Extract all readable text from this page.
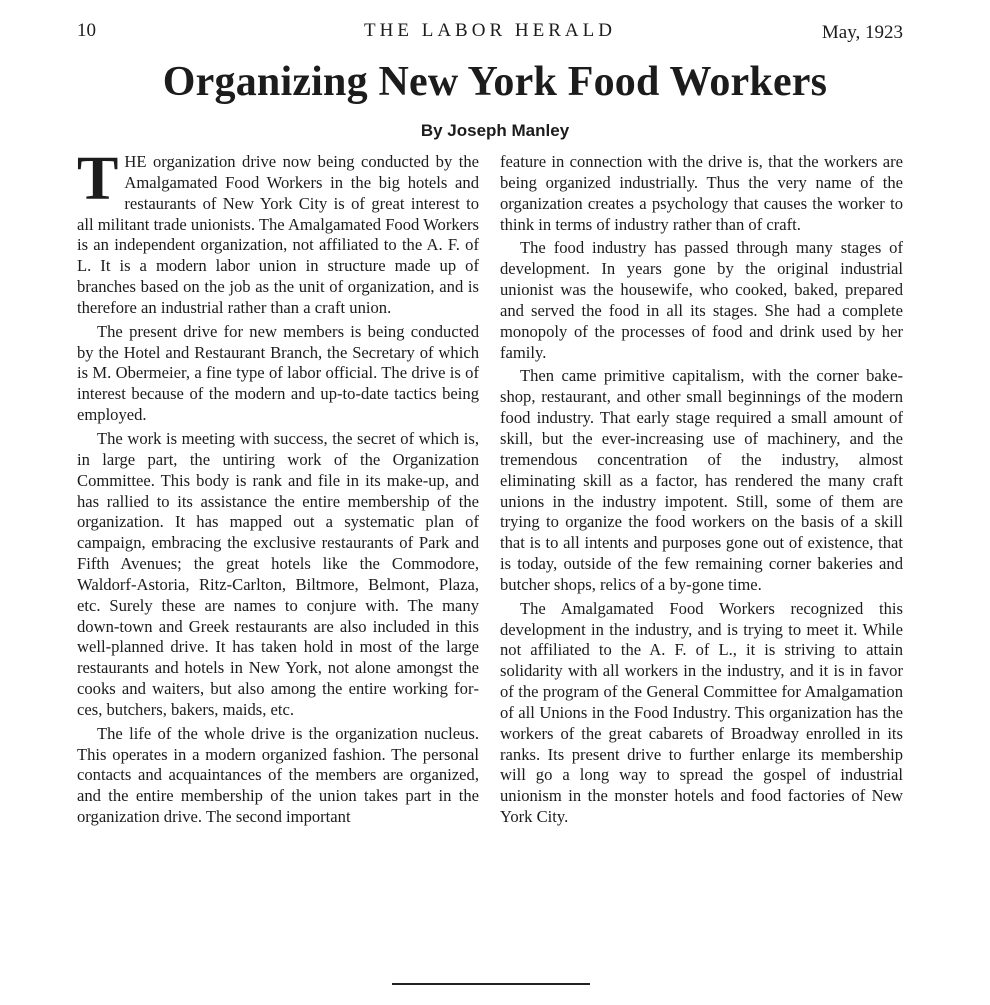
10	THE LABOR HERALD	May, 1923
Organizing New York Food Workers
By Joseph Manley

THE organization drive now being conducted by the Amalgamated Food Workers in the big hotels and restaurants of New York City is of great interest to all militant trade unionists. The Amalgamated Food Workers is an independent organization, not affiliated to the A. F. of L. It is a modern labor union in structure made up of branches based on the job as the unit of organization, and is therefore an industrial rather than a craft union.

The present drive for new members is being conducted by the Hotel and Restaurant Branch, the Secretary of which is M. Obermeier, a fine type of labor official. The drive is of interest because of the modern and up-to-date tactics being employed.

The work is meeting with success, the secret of which is, in large part, the untiring work of the Organization Committee. This body is rank and file in its make-up, and has rallied to its assistance the entire membership of the organization. It has mapped out a systematic plan of campaign, embracing the exclusive restaurants of Park and Fifth Avenues; the great hotels like the Commodore, Waldorf-Astoria, Ritz-Carlton, Biltmore, Belmont, Plaza, etc. Surely these are names to conjure with. The many down-town and Greek restaurants are also included in this well-planned drive. It has taken hold in most of the large restaurants and hotels in New York, not alone amongst the cooks and waiters, but also among the entire working forces, butchers, bakers, maids, etc.

The life of the whole drive is the organization nucleus. This operates in a modern organized fashion. The personal contacts and acquaintances of the members are organized, and the entire membership of the union takes part in the organization drive. The second important

feature in connection with the drive is, that the workers are being organized industrially. Thus the very name of the organization creates a psychology that causes the worker to think in terms of industry rather than of craft.

The food industry has passed through many stages of development. In years gone by the original industrial unionist was the housewife, who cooked, baked, prepared and served the food in all its stages. She had a complete monopoly of the processes of food and drink used by her family.

Then came primitive capitalism, with the corner bake-shop, restaurant, and other small beginnings of the modern food industry. That early stage required a small amount of skill, but the ever-increasing use of machinery, and the tremendous concentration of the industry, almost eliminating skill as a factor, has rendered the many craft unions in the industry impotent. Still, some of them are trying to organize the food workers on the basis of a skill that is to all intents and purposes gone out of existence, that is today, outside of the few remaining corner bakeries and butcher shops, relics of a by-gone time.

The Amalgamated Food Workers recognized this development in the industry, and is trying to meet it. While not affiliated to the A. F. of L., it is striving to attain solidarity with all workers in the industry, and it is in favor of the program of the General Committee for Amalgamation of all Unions in the Food Industry. This organization has the workers of the great cabarets of Broadway enrolled in its ranks. Its present drive to further enlarge its membership will go a long way to spread the gospel of industrial unionism in the monster hotels and food factories of New York City.
